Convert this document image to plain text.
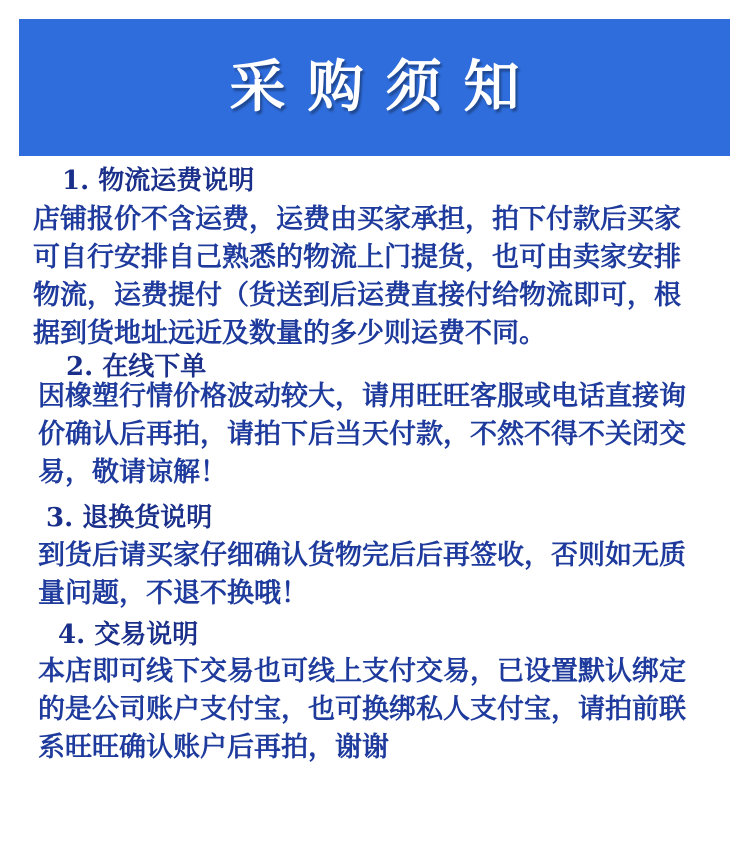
采购须知
1. 物流运费说明
店铺报价不含运费，运费由买家承担，拍下付款后买家
可自行安排自己熟悉的物流上门提货，也可由卖家安排
物流，运费提付（货送到后运费直接付给物流即可，根
据到货地址远近及数量的多少则运费不同。
2. 在线下单
因橡塑行情价格波动较大，请用旺旺客服或电话直接询
价确认后再拍，请拍下后当天付款，不然不得不关闭交
易，敬请谅解！
3. 退换货说明
到货后请买家仔细确认货物完后后再签收，否则如无质
量问题，不退不换哦！
4. 交易说明
本店即可线下交易也可线上支付交易，已设置默认绑定
的是公司账户支付宝，也可换绑私人支付宝，请拍前联
系旺旺确认账户后再拍，谢谢
